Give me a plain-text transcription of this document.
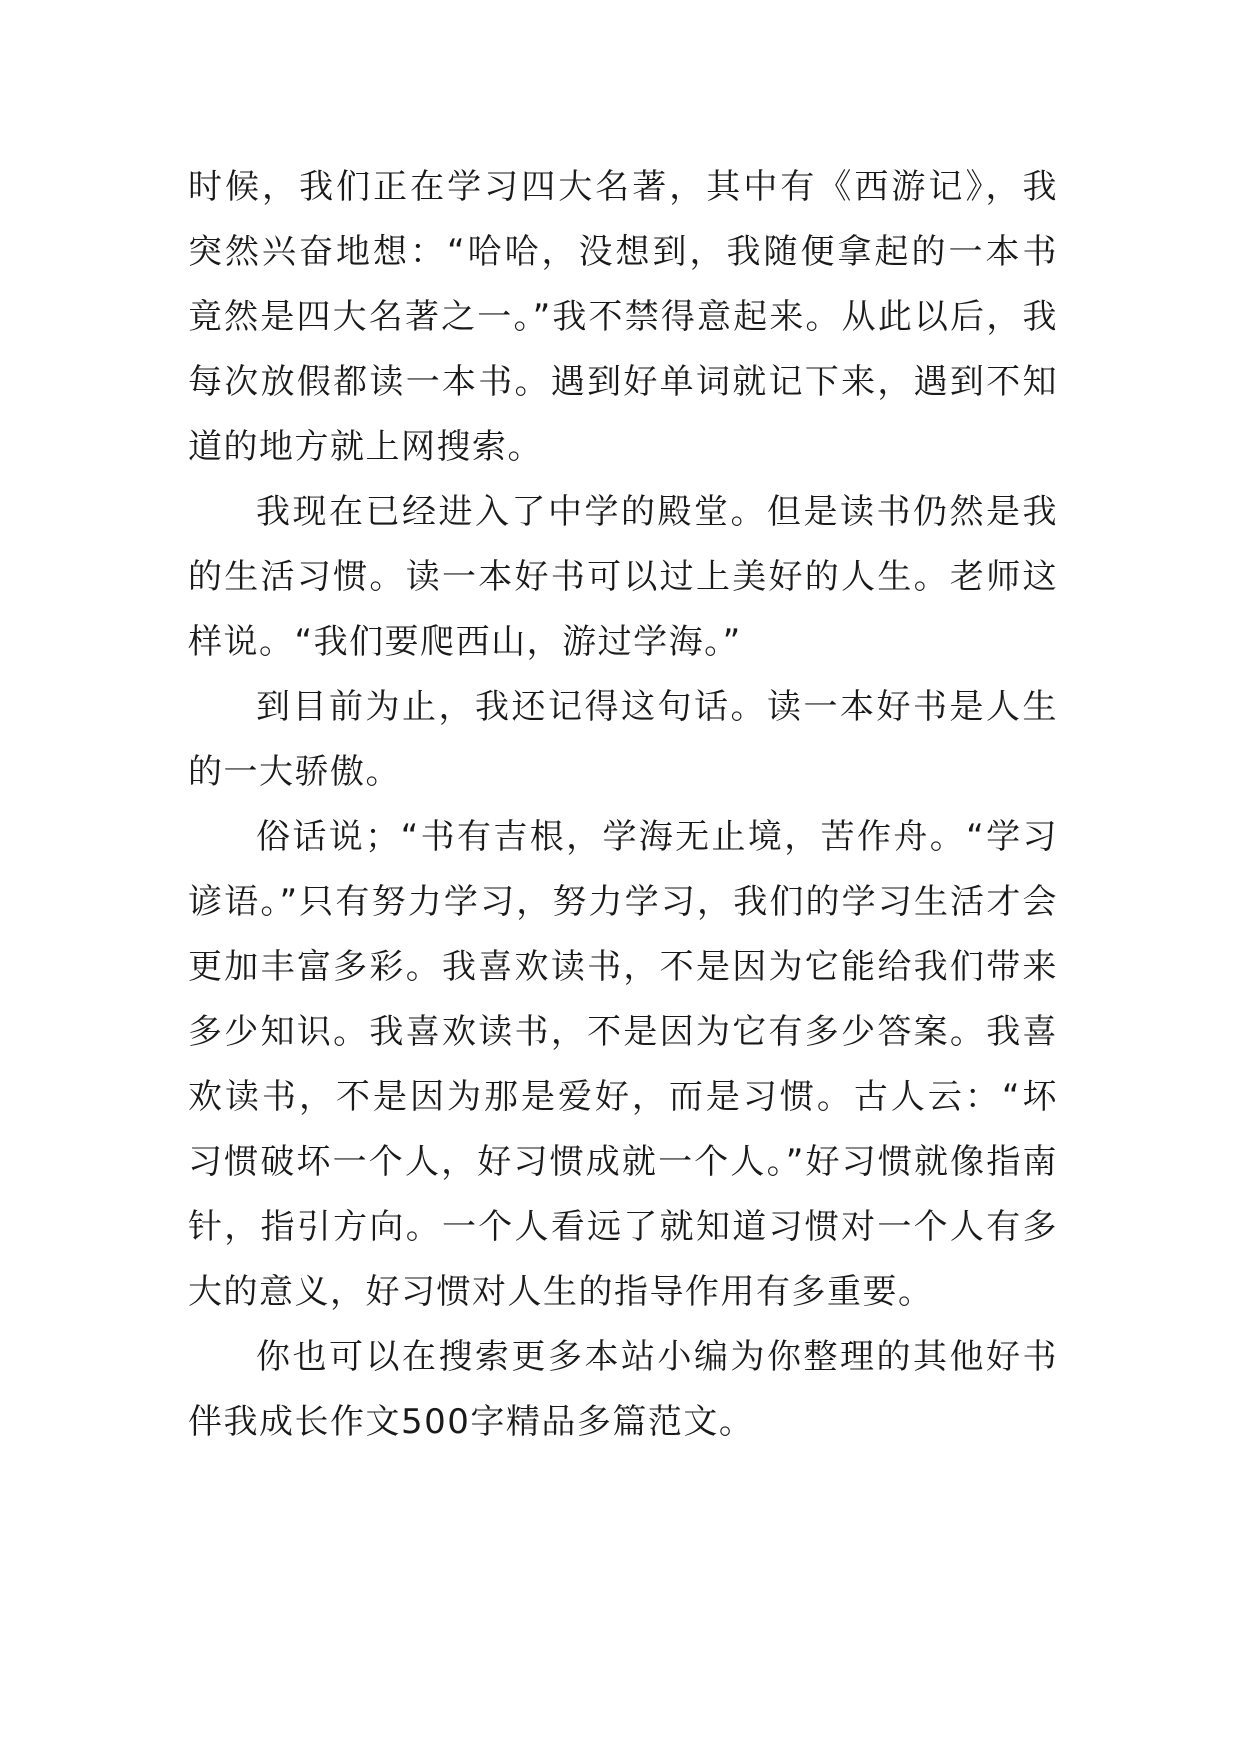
时候，我们正在学习四大名著，其中有《西游记》，我突然兴奋地想：“哈哈，没想到，我随便拿起的一本书竟然是四大名著之一。”我不禁得意起来。从此以后，我每次放假都读一本书。遇到好单词就记下来，遇到不知道的地方就上网搜索。

我现在已经进入了中学的殿堂。但是读书仍然是我的生活习惯。读一本好书可以过上美好的人生。老师这样说。“我们要爬西山，游过学海。”

到目前为止，我还记得这句话。读一本好书是人生的一大骄傲。

俗话说；“书有吉根，学海无止境，苦作舟。“学习谚语。”只有努力学习，努力学习，我们的学习生活才会更加丰富多彩。我喜欢读书，不是因为它能给我们带来多少知识。我喜欢读书，不是因为它有多少答案。我喜欢读书，不是因为那是爱好，而是习惯。古人云：“坏习惯破坏一个人，好习惯成就一个人。”好习惯就像指南针，指引方向。一个人看远了就知道习惯对一个人有多大的意义，好习惯对人生的指导作用有多重要。

你也可以在搜索更多本站小编为你整理的其他好书伴我成长作文500字精品多篇范文。
